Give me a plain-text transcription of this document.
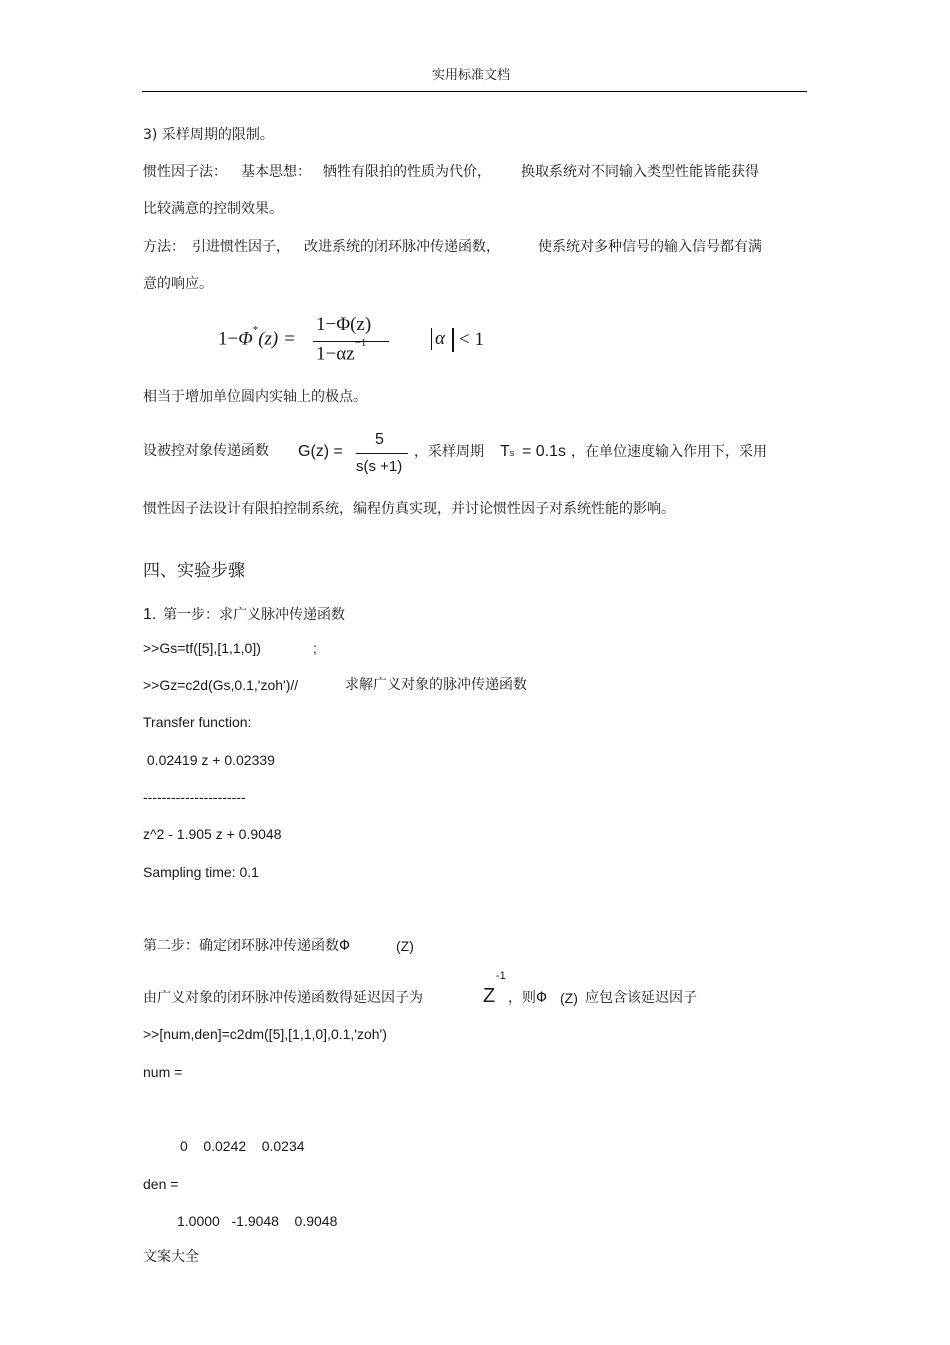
实用标准文档
3) 采样周期的限制。
惯性因子法： 基本思想： 牺牲有限拍的性质为代价， 换取系统对不同输入类型性能皆能获得
比较满意的控制效果。
方法： 引进惯性因子， 改进系统的闭环脉冲传递函数，	使系统对多种信号的输入信号都有满
意的响应。
1−Φ*(z) =
1−Φ(z)
$1-\alpha z^{-1}$	α < 1
相当于增加单位圆内实轴上的极点。
设被控对象传递函数 G(z) =
5
s(s +1)
，采样周期 Ts = 0.1s ，在单位速度输入作用下，采用
惯性因子法设计有限拍控制系统，编程仿真实现，并讨论惯性因子对系统性能的影响。
四、实验步骤
1. 第一步：求广义脉冲传递函数
>>Gs=tf([5],[1,1,0])	;
>>Gz=c2d(Gs,0.1,'zoh')//	求解广义对象的脉冲传递函数
Transfer function:
0.02419 z + 0.02339
----------------------
z^2 - 1.905 z + 0.9048
Sampling time: 0.1
第二步：确定闭环脉冲传递函数Φ	(Z)
由广义对象的闭环脉冲传递函数得延迟因子为	Z
-1
，则Φ (Z) 应包含该延迟因子
>>[num,den]=c2dm([5],[1,1,0],0.1,'zoh')
num =
0    0.0242    0.0234
den =
1.0000   -1.9048    0.9048
文案大全
